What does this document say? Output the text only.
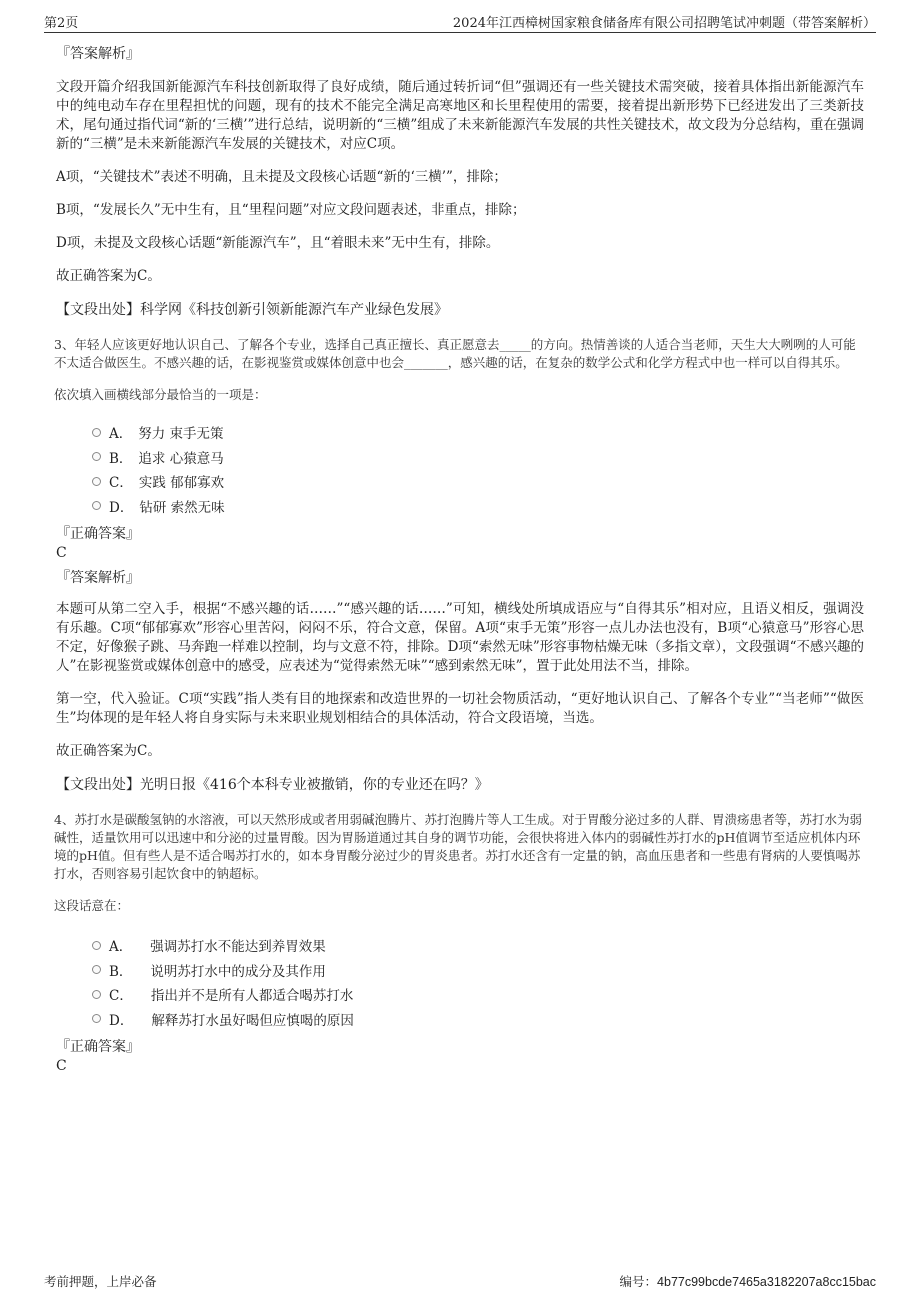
第2页	2024年江西樟树国家粮食储备库有限公司招聘笔试冲刺题（带答案解析）
『答案解析』

文段开篇介绍我国新能源汽车科技创新取得了良好成绩，随后通过转折词“但”强调还有一些关键技术需突破，接着具体指出新能源汽车中的纯电动车存在里程担忧的问题，现有的技术不能完全满足高寒地区和长里程使用的需要，接着提出新形势下已经进发出了三类新技术，尾句通过指代词“新的‘三横’”进行总结，说明新的“三横”组成了未来新能源汽车发展的共性关键技术，故文段为分总结构，重在强调新的“三横”是未来新能源汽车发展的关键技术，对应C项。

A项，“关键技术”表述不明确，且未提及文段核心话题“新的‘三横’”，排除；

B项，“发展长久”无中生有，且“里程问题”对应文段问题表述，非重点，排除；

D项，未提及文段核心话题“新能源汽车”，且“着眼未来”无中生有，排除。

故正确答案为C。

【文段出处】科学网《科技创新引领新能源汽车产业绿色发展》

3、年轻人应该更好地认识自己、了解各个专业，选择自己真正擅长、真正愿意去_____的方向。热情善谈的人适合当老师，天生大大咧咧的人可能不太适合做医生。不感兴趣的话，在影视鉴赏或媒体创意中也会_______，感兴趣的话，在复杂的数学公式和化学方程式中也一样可以自得其乐。

依次填入画横线部分最恰当的一项是：

A． 努力 束手无策
B． 追求 心猿意马
C． 实践 郁郁寡欢
D． 钻研 索然无味
『正确答案』
C
『答案解析』

本题可从第二空入手，根据“不感兴趣的话……”“感兴趣的话……”可知，横线处所填成语应与“自得其乐”相对应，且语义相反，强调没有乐趣。C项“郁郁寡欢”形容心里苦闷，闷闷不乐，符合文意，保留。A项“束手无策”形容一点儿办法也没有，B项“心猿意马”形容心思不定，好像猴子跳、马奔跑一样难以控制，均与文意不符，排除。D项“索然无味”形容事物枯燥无味（多指文章），文段强调“不感兴趣的人”在影视鉴赏或媒体创意中的感受，应表述为“觉得索然无味”“感到索然无味”，置于此处用法不当，排除。

第一空，代入验证。C项“实践”指人类有目的地探索和改造世界的一切社会物质活动，“更好地认识自己、了解各个专业”“当老师”“做医生”均体现的是年轻人将自身实际与未来职业规划相结合的具体活动，符合文段语境，当选。

故正确答案为C。

【文段出处】光明日报《416个本科专业被撤销，你的专业还在吗？》

4、苏打水是碳酸氢钠的水溶液，可以天然形成或者用弱碱泡腾片、苏打泡腾片等人工生成。对于胃酸分泌过多的人群、胃溃疡患者等，苏打水为弱碱性，适量饮用可以迅速中和分泌的过量胃酸。因为胃肠道通过其自身的调节功能，会很快将进入体内的弱碱性苏打水的pH值调节至适应机体内环境的pH值。但有些人是不适合喝苏打水的，如本身胃酸分泌过少的胃炎患者。苏打水还含有一定量的钠，高血压患者和一些患有肾病的人要慎喝苏打水，否则容易引起饮食中的钠超标。

这段话意在：

A． 强调苏打水不能达到养胃效果
B． 说明苏打水中的成分及其作用
C． 指出并不是所有人都适合喝苏打水
D． 解释苏打水虽好喝但应慎喝的原因
『正确答案』
C
考前押题，上岸必备	编号：4b77c99bcde7465a3182207a8cc15bac
